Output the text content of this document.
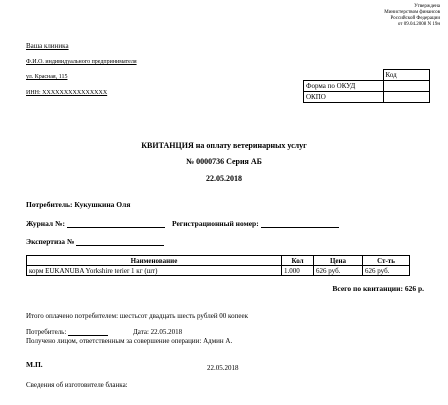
Утверждена
Министерством финансов
Российской Федерации
от 09.04.2008 N 19н
Ваша клиника
Ф.И.О. индивидуального предпринимателя
ул. Красная, 115
ИНН: XXXXXXXXXXXXXXX
	Код
Форма по ОКУД	
ОКПО	
КВИТАНЦИЯ на оплату ветеринарных услуг
№ 0000736 Серия АБ
22.05.2018
Потребитель: Кукушкина Оля
Журнал №:	Регистрационный номер:
Экспертиза №
Наименование	Кол	Цена	Ст-ть
корм EUKANUBA Yorkshire terier 1 кг (шт)	1.000	626 руб.	626 руб.
Всего по квитанции: 626 р.
Итого оплачено потребителем: шестьсот двадцать шесть рублей 00 копеек
Потребитель:	Дата: 22.05.2018
Получено лицом, ответственным за совершение операции: Админ А.
М.П.	22.05.2018
Сведения об изготовителе бланка:
